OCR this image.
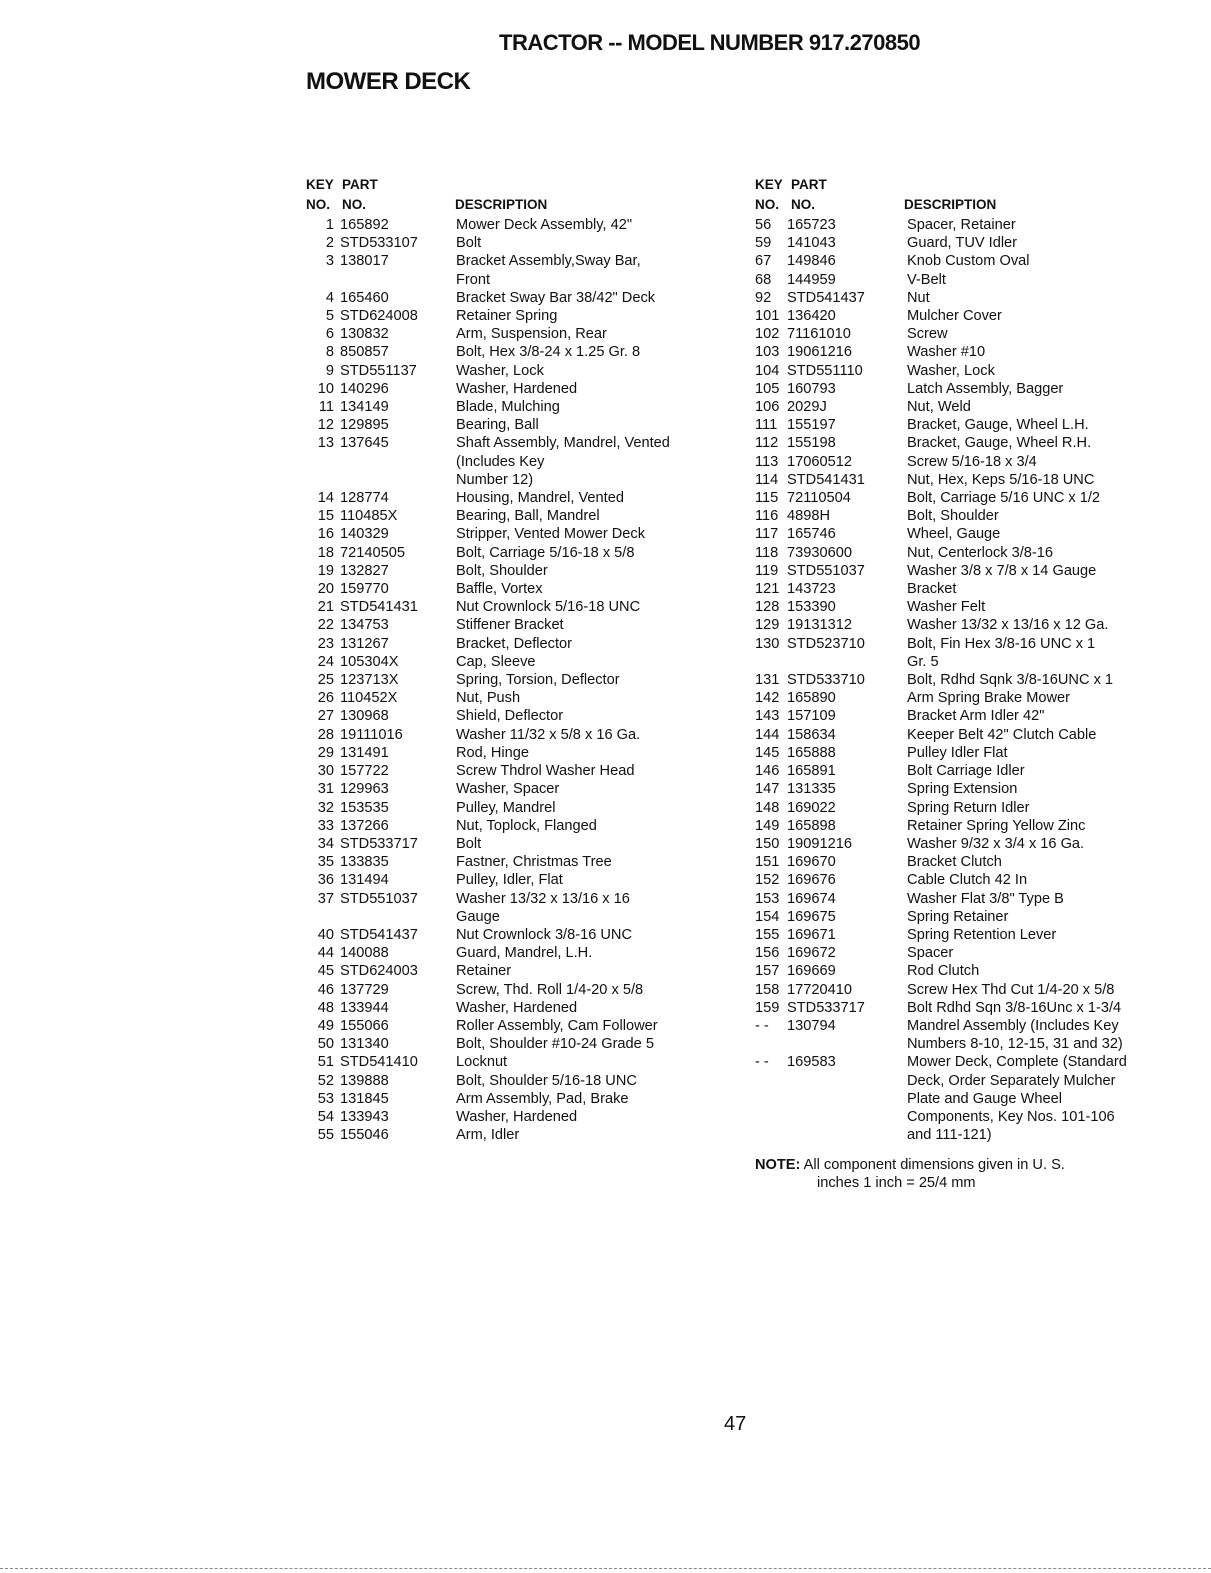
TRACTOR -- MODEL NUMBER 917.270850
MOWER DECK
KEY PART
NO. NO.	DESCRIPTION
1 165892	Mower Deck Assembly, 42"
2 STD533107	Bolt
3 138017	Bracket Assembly,Sway Bar,
Front
4 165460	Bracket Sway Bar 38/42" Deck
5 STD624008	Retainer Spring
6 130832	Arm, Suspension, Rear
8 850857	Bolt, Hex 3/8-24 x 1.25 Gr. 8
9 STD551137	Washer, Lock
10 140296	Washer, Hardened
11 134149	Blade, Mulching
12 129895	Bearing, Ball
13 137645	Shaft Assembly, Mandrel, Vented
(Includes Key
Number 12)
14 128774	Housing, Mandrel, Vented
15 110485X	Bearing, Ball, Mandrel
16 140329	Stripper, Vented Mower Deck
18 72140505	Bolt, Carriage 5/16-18 x 5/8
19 132827	Bolt, Shoulder
20 159770	Baffle, Vortex
21 STD541431	Nut Crownlock 5/16-18 UNC
22 134753	Stiffener Bracket
23 131267	Bracket, Deflector
24 105304X	Cap, Sleeve
25 123713X	Spring, Torsion, Deflector
26 110452X	Nut, Push
27 130968	Shield, Deflector
28 19111016	Washer 11/32 x 5/8 x 16 Ga.
29 131491	Rod, Hinge
30 157722	Screw Thdrol Washer Head
31 129963	Washer, Spacer
32 153535	Pulley, Mandrel
33 137266	Nut, Toplock, Flanged
34 STD533717	Bolt
35 133835	Fastner, Christmas Tree
36 131494	Pulley, Idler, Flat
37 STD551037	Washer 13/32 x 13/16 x 16
Gauge
40 STD541437	Nut Crownlock 3/8-16 UNC
44 140088	Guard, Mandrel, L.H.
45 STD624003	Retainer
46 137729	Screw, Thd. Roll 1/4-20 x 5/8
48 133944	Washer, Hardened
49 155066	Roller Assembly, Cam Follower
50 131340	Bolt, Shoulder #10-24 Grade 5
51 STD541410	Locknut
52 139888	Bolt, Shoulder 5/16-18 UNC
53 131845	Arm Assembly, Pad, Brake
54 133943	Washer, Hardened
55 155046	Arm, Idler
KEY PART
NO. NO.	DESCRIPTION
56	165723	Spacer, Retainer
59	141043	Guard, TUV Idler
67	149846	Knob Custom Oval
68	144959	V-Belt
92	STD541437	Nut
101 136420	Mulcher Cover
102 71161010	Screw
103 19061216	Washer #10
104 STD551110	Washer, Lock
105 160793	Latch Assembly, Bagger
106 2029J	Nut, Weld
111 155197	Bracket, Gauge, Wheel L.H.
112 155198	Bracket, Gauge, Wheel R.H.
113 17060512	Screw 5/16-18 x 3/4
114 STD541431	Nut, Hex, Keps 5/16-18 UNC
115 72110504	Bolt, Carriage 5/16 UNC x 1/2
116 4898H	Bolt, Shoulder
117 165746	Wheel, Gauge
118 73930600	Nut, Centerlock 3/8-16
119 STD551037	Washer 3/8 x 7/8 x 14 Gauge
121 143723	Bracket
128 153390	Washer Felt
129 19131312	Washer 13/32 x 13/16 x 12 Ga.
130 STD523710	Bolt, Fin Hex 3/8-16 UNC x 1
Gr. 5
131 STD533710	Bolt, Rdhd Sqnk 3/8-16UNC x 1
142 165890	Arm Spring Brake Mower
143 157109	Bracket Arm Idler 42"
144 158634	Keeper Belt 42" Clutch Cable
145 165888	Pulley Idler Flat
146 165891	Bolt Carriage Idler
147 131335	Spring Extension
148 169022	Spring Return Idler
149 165898	Retainer Spring Yellow Zinc
150 19091216	Washer 9/32 x 3/4 x 16 Ga.
151 169670	Bracket Clutch
152 169676	Cable Clutch 42 In
153 169674	Washer Flat 3/8" Type B
154 169675	Spring Retainer
155 169671	Spring Retention Lever
156 169672	Spacer
157 169669	Rod Clutch
158 17720410	Screw Hex Thd Cut 1/4-20 x 5/8
159 STD533717	Bolt Rdhd Sqn 3/8-16Unc x 1-3/4
- -	130794	Mandrel Assembly (Includes Key
Numbers 8-10, 12-15, 31 and 32)
- -	169583	Mower Deck, Complete (Standard
Deck, Order Separately Mulcher
Plate and Gauge Wheel
Components, Key Nos. 101-106
and 111-121)
NOTE: All component dimensions given in U. S.
inches 1 inch = 25/4 mm
47
